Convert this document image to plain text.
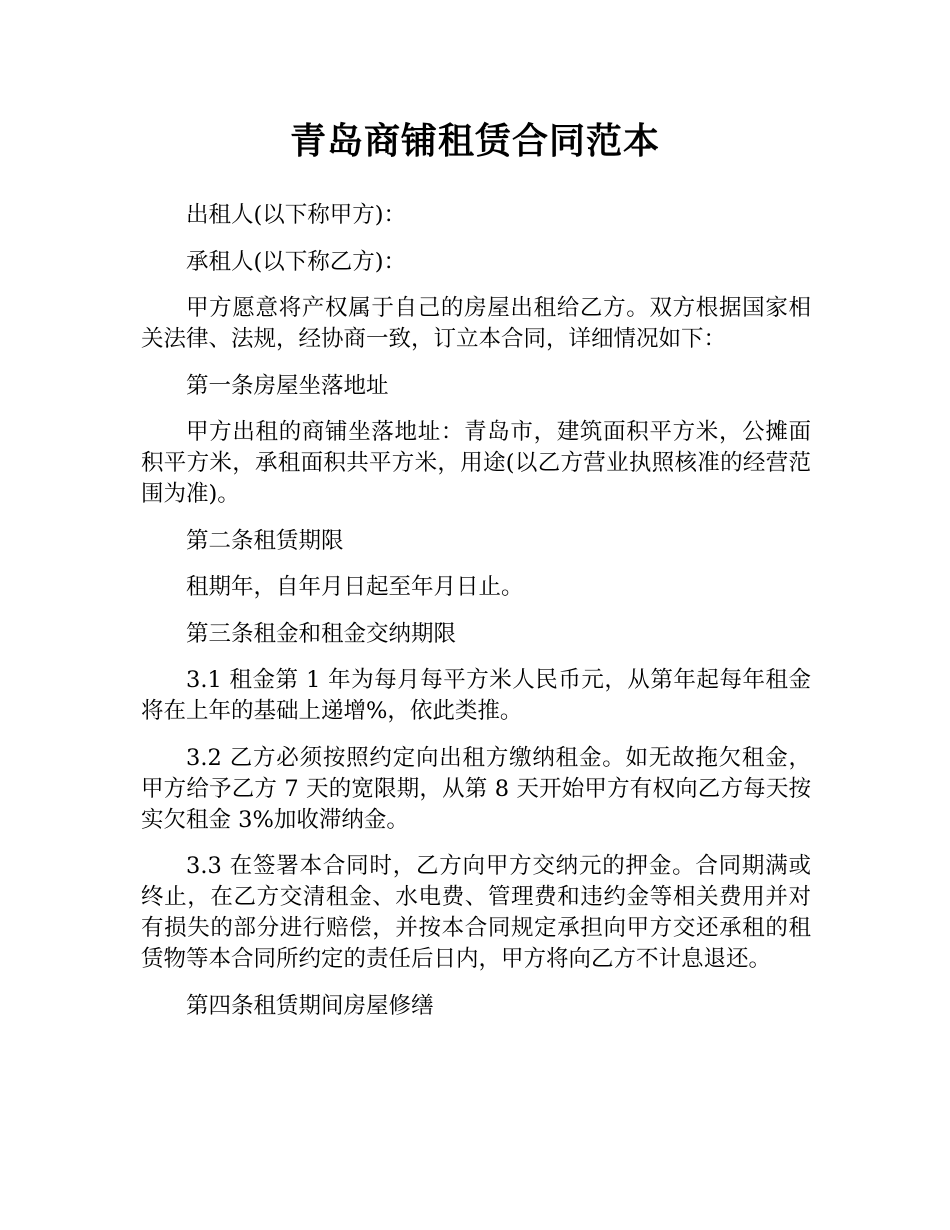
青岛商铺租赁合同范本

出租人(以下称甲方)：

承租人(以下称乙方)：

甲方愿意将产权属于自己的房屋出租给乙方。双方根据国家相关法律、法规，经协商一致，订立本合同，详细情况如下：

第一条房屋坐落地址

甲方出租的商铺坐落地址：青岛市，建筑面积平方米，公摊面积平方米，承租面积共平方米，用途(以乙方营业执照核准的经营范围为准)。

第二条租赁期限

租期年，自年月日起至年月日止。

第三条租金和租金交纳期限

3.1 租金第 1 年为每月每平方米人民币元，从第年起每年租金将在上年的基础上递增%，依此类推。

3.2 乙方必须按照约定向出租方缴纳租金。如无故拖欠租金，甲方给予乙方 7 天的宽限期，从第 8 天开始甲方有权向乙方每天按实欠租金 3%加收滞纳金。

3.3 在签署本合同时，乙方向甲方交纳元的押金。合同期满或终止，在乙方交清租金、水电费、管理费和违约金等相关费用并对有损失的部分进行赔偿，并按本合同规定承担向甲方交还承租的租赁物等本合同所约定的责任后日内，甲方将向乙方不计息退还。

第四条租赁期间房屋修缮
